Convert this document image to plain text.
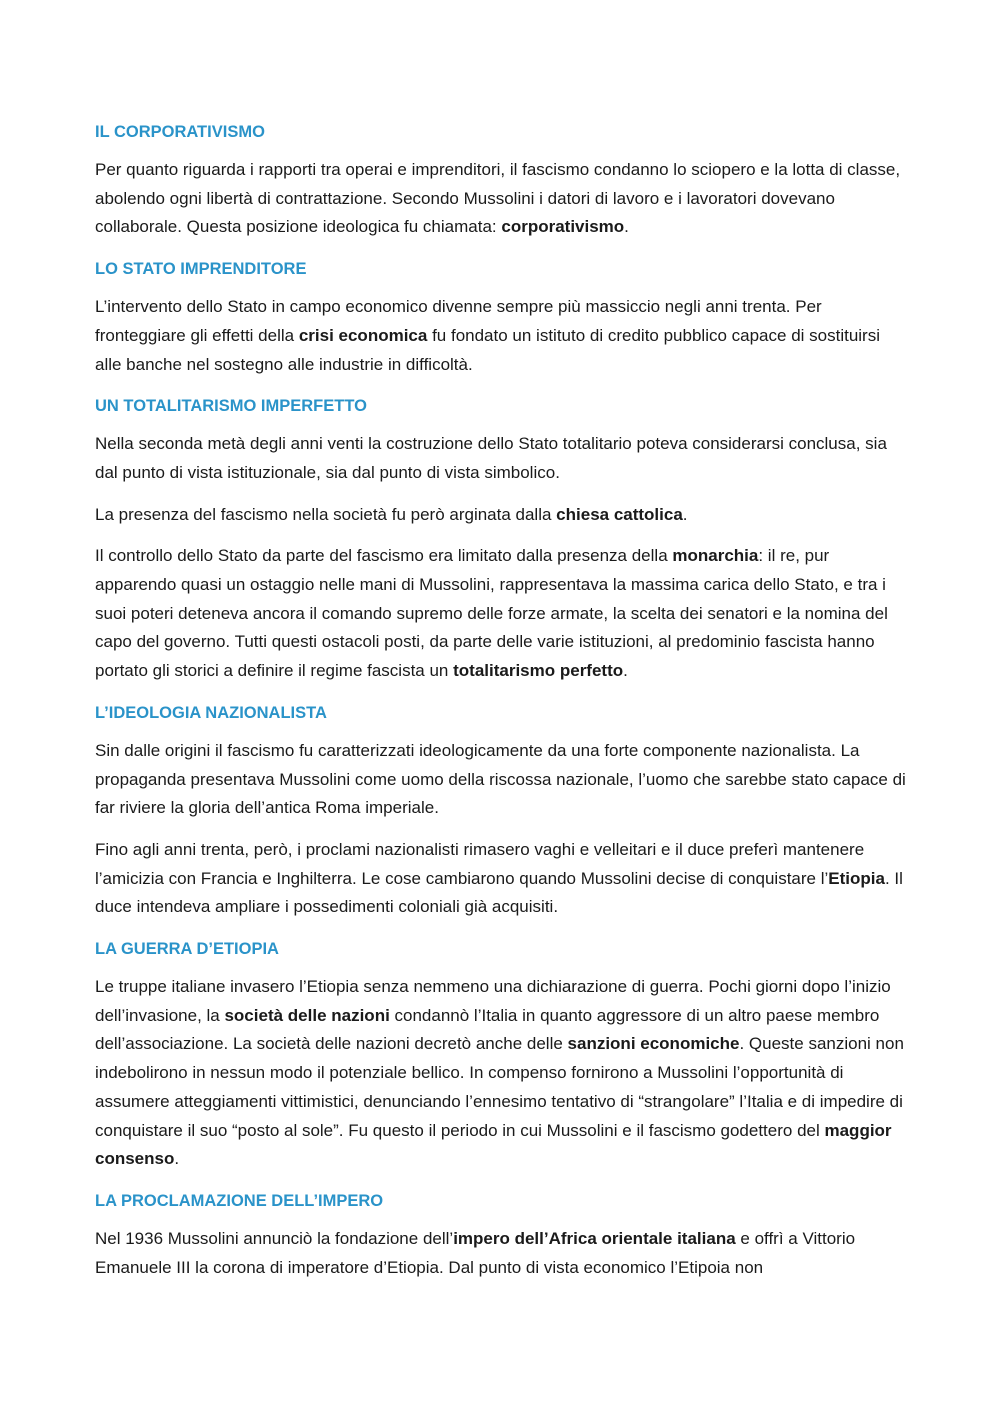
IL CORPORATIVISMO

Per quanto riguarda i rapporti tra operai e imprenditori, il fascismo condanno lo sciopero e la lotta di classe, abolendo ogni libertà di contrattazione. Secondo Mussolini i datori di lavoro e i lavoratori dovevano collaborale. Questa posizione ideologica fu chiamata: corporativismo.

LO STATO IMPRENDITORE

L’intervento dello Stato in campo economico divenne sempre più massiccio negli anni trenta. Per fronteggiare gli effetti della crisi economica fu fondato un istituto di credito pubblico capace di sostituirsi alle banche nel sostegno alle industrie in difficoltà.

UN TOTALITARISMO IMPERFETTO

Nella seconda metà degli anni venti la costruzione dello Stato totalitario poteva considerarsi conclusa, sia dal punto di vista istituzionale, sia dal punto di vista simbolico.

La presenza del fascismo nella società fu però arginata dalla chiesa cattolica.

Il controllo dello Stato da parte del fascismo era limitato dalla presenza della monarchia: il re, pur apparendo quasi un ostaggio nelle mani di Mussolini, rappresentava la massima carica dello Stato, e tra i suoi poteri deteneva ancora il comando supremo delle forze armate, la scelta dei senatori e la nomina del capo del governo. Tutti questi ostacoli posti, da parte delle varie istituzioni, al predominio fascista hanno portato gli storici a definire il regime fascista un totalitarismo perfetto.

L’IDEOLOGIA NAZIONALISTA

Sin dalle origini il fascismo fu caratterizzati ideologicamente da una forte componente nazionalista. La propaganda presentava Mussolini come uomo della riscossa nazionale, l’uomo che sarebbe stato capace di far riviere la gloria dell’antica Roma imperiale.

Fino agli anni trenta, però, i proclami nazionalisti rimasero vaghi e velleitari e il duce preferì mantenere l’amicizia con Francia e Inghilterra. Le cose cambiarono quando Mussolini decise di conquistare l’Etiopia. Il duce intendeva ampliare i possedimenti coloniali già acquisiti.

LA GUERRA D’ETIOPIA

Le truppe italiane invasero l’Etiopia senza nemmeno una dichiarazione di guerra. Pochi giorni dopo l’inizio dell’invasione, la società delle nazioni condannò l’Italia in quanto aggressore di un altro paese membro dell’associazione. La società delle nazioni decretò anche delle sanzioni economiche. Queste sanzioni non indebolirono in nessun modo il potenziale bellico. In compenso fornirono a Mussolini l’opportunità di assumere atteggiamenti vittimistici, denunciando l’ennesimo tentativo di “strangolare” l’Italia e di impedire di conquistare il suo “posto al sole”. Fu questo il periodo in cui Mussolini e il fascismo godettero del maggior consenso.

LA PROCLAMAZIONE DELL’IMPERO

Nel 1936 Mussolini annunciò la fondazione dell’impero dell’Africa orientale italiana e offrì a Vittorio Emanuele III la corona di imperatore d’Etiopia. Dal punto di vista economico l’Etipoia non
